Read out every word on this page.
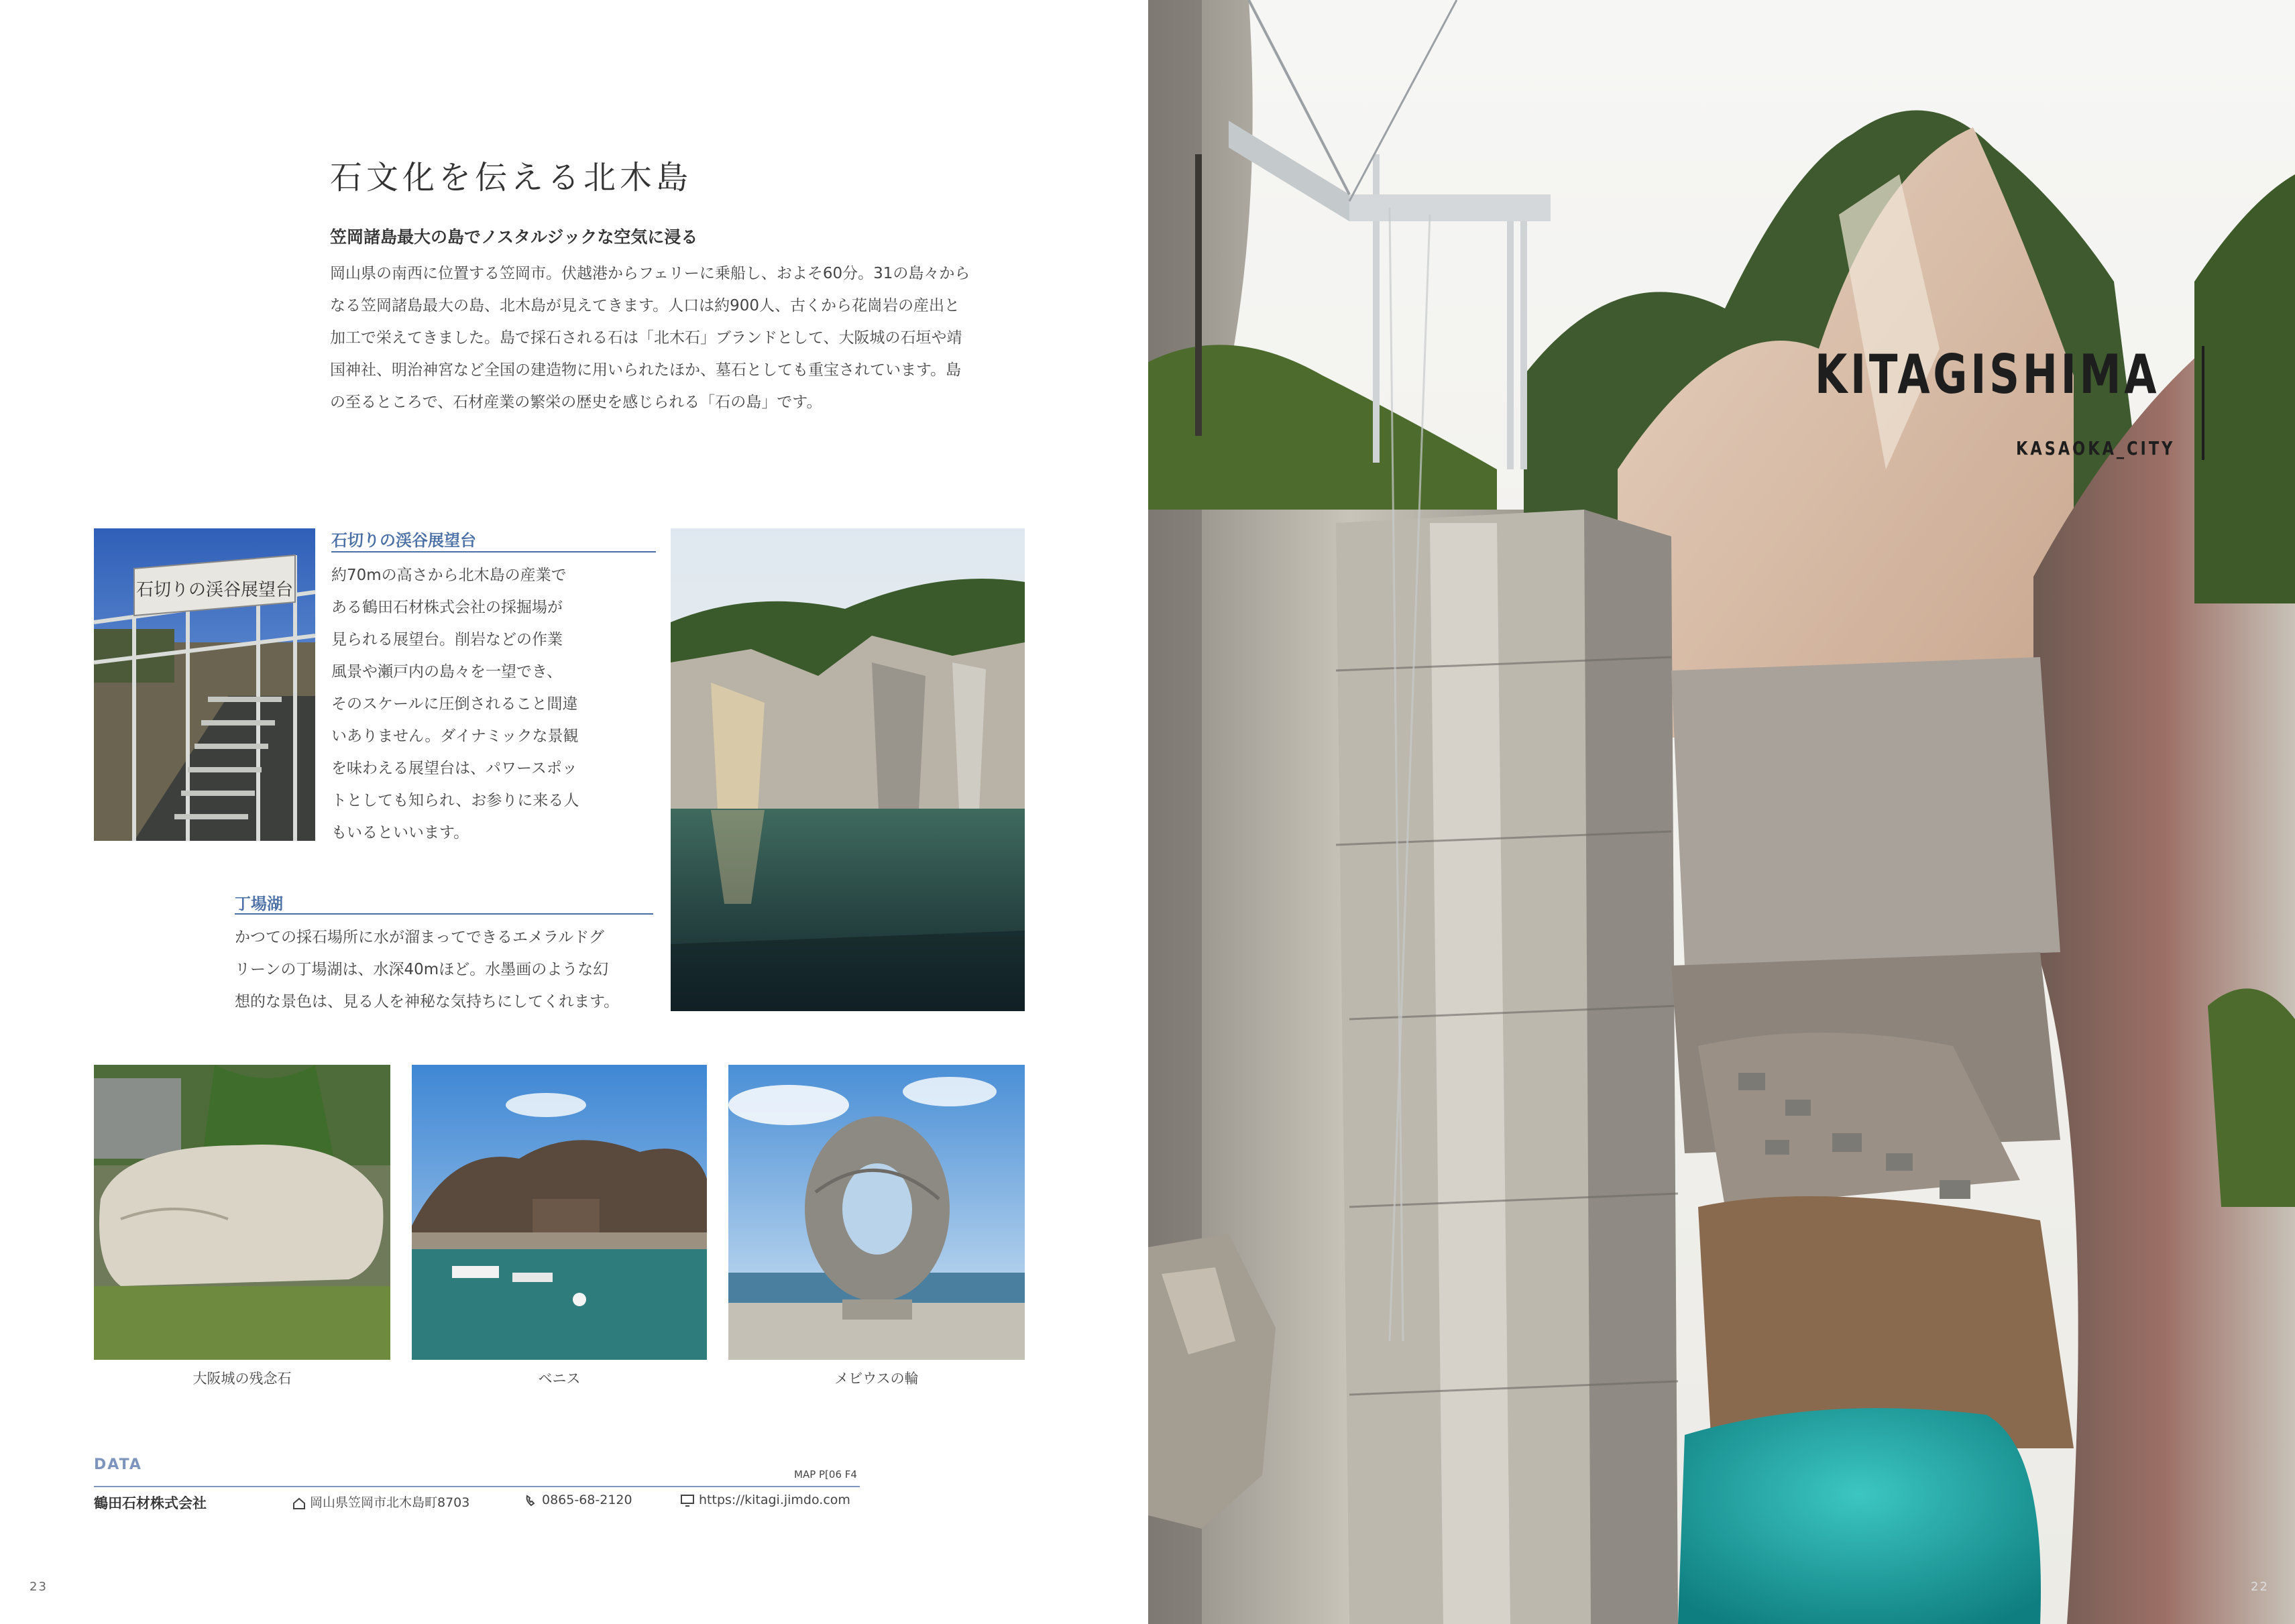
石文化を伝える北木島
笠岡諸島最大の島でノスタルジックな空気に浸る
岡山県の南西に位置する笠岡市。伏越港からフェリーに乗船し、およそ60分。31の島々から
なる笠岡諸島最大の島、北木島が見えてきます。人口は約900人、古くから花崗岩の産出と
加工で栄えてきました。島で採石される石は「北木石」ブランドとして、大阪城の石垣や靖
国神社、明治神宮など全国の建造物に用いられたほか、墓石としても重宝されています。島
の至るところで、石材産業の繁栄の歴史を感じられる「石の島」です。
石切りの渓谷展望台
石切りの渓谷展望台
約70mの高さから北木島の産業で
ある鶴田石材株式会社の採掘場が
見られる展望台。削岩などの作業
風景や瀬戸内の島々を一望でき、
そのスケールに圧倒されること間違
いありません。ダイナミックな景観
を味わえる展望台は、パワースポッ
トとしても知られ、お参りに来る人
もいるといいます。
丁場湖
かつての採石場所に水が溜まってできるエメラルドグ
リーンの丁場湖は、水深40mほど。水墨画のような幻
想的な景色は、見る人を神秘な気持ちにしてくれます。
大阪城の残念石	ベニス	メビウスの輪
DATA
MAP P[06 F4
鶴田石材株式会社	岡山県笠岡市北木島町8703	0865-68-2120	https://kitagi.jimdo.com
23
KITAGISHIMA
KASAOKA_CITY
22
